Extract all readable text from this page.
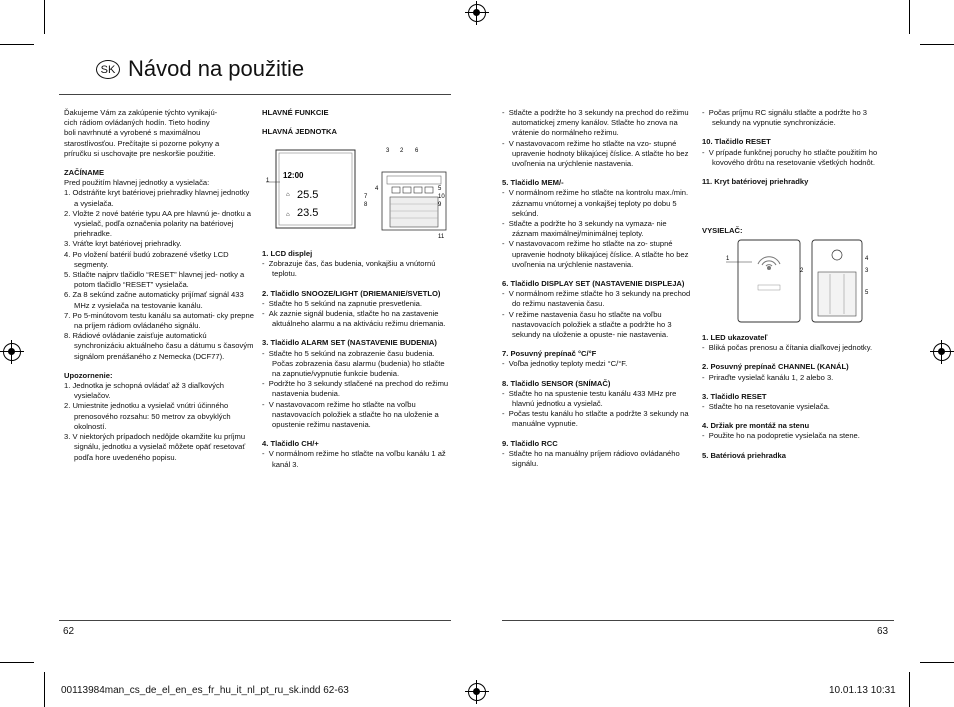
SK Návod na použitie

Ďakujeme Vám za zakúpenie týchto vynikajú-

cich rádiom ovládaných hodín. Tieto hodiny

boli navrhnuté a vyrobené s maximálnou

starostlivosťou. Prečítajte si pozorne pokyny a

príručku si uschovajte pre neskoršie použitie.

ZAČÍNAME

Pred použitím hlavnej jednotky a vysielača:

1. Odstráňte kryt batériovej priehradky hlavnej jednotky a vysielača.

2. Vložte 2 nové batérie typu AA pre hlavnú je- dnotku a vysielač, podľa označenia polarity na batériovej priehradke.

3. Vráťte kryt batériovej priehradky.

4. Po vložení batérií budú zobrazené všetky LCD segmenty.

5. Stlačte najprv tlačidlo “RESET” hlavnej jed- notky a potom tlačidlo “RESET” vysielača.

6. Za 8 sekúnd začne automaticky prijímať signál 433 MHz z vysielača na testovanie kanálu.

7. Po 5-minútovom testu kanálu sa automati- cky prepne na príjem rádiom ovládaného signálu.

8. Rádiové ovládanie zaisťuje automatickú synchronizáciu aktuálneho času a dátumu s časovým signálom prenášaného z Nemecka (DCF77).

Upozornenie:

1. Jednotka je schopná ovládať až 3 diaľkových vysielačov.

2. Umiestnite jednotku a vysielač vnútri účinného prenosového rozsahu: 50 metrov za obvyklých okolností.

3. V niektorých prípadoch nedôjde okamžite ku príjmu signálu, jednotku a vysielač môžete opäť resetovať podľa hore uvedeného popisu.

HLAVNÉ FUNKCIE

HLAVNÁ JEDNOTKA

12:00
25.5
23.5
⌂
⌂
1
3 2 6
4
7
8
5
10
9
11

1. LCD displej

-  Zobrazuje čas, čas budenia, vonkajšiu a vnútornú teplotu.

2. Tlačidlo SNOOZE/LIGHT (DRIEMANIE/SVETLO)

-  Stlačte ho 5 sekúnd na zapnutie presvetlenia.

-  Ak zaznie signál budenia, stlačte ho na zastavenie aktuálneho alarmu a na aktiváciu režimu driemania.

3. Tlačidlo ALARM SET (NASTAVENIE BUDENIA)

-  Stlačte ho 5 sekúnd na zobrazenie času budenia. Počas zobrazenia času alarmu (budenia) ho stlačte na zapnutie/vypnutie funkcie budenia.

-  Podržte ho 3 sekundy stlačené na prechod do režimu nastavenia budenia.

-  V nastavovacom režime ho stlačte na voľbu nastavovacích položiek a stlačte ho na uloženie a opustenie režimu nastavenia.

4. Tlačidlo CH/+

-  V normálnom režime ho stlačte na voľbu kanálu 1 až kanál 3.

-  Stlačte a podržte ho 3 sekundy na prechod do režimu automatickej zmeny kanálov. Stlačte ho znova na vrátenie do normálneho režimu.

-  V nastavovacom režime ho stlačte na vzo- stupné upravenie hodnoty blikajúcej číslice. A stlačte ho bez uvoľnenia na urýchlenie nastavenia.

5. Tlačidlo MEM/-

-  V normálnom režime ho stlačte na kontrolu max./min. záznamu vnútornej a vonkajšej teploty po dobu 5 sekúnd.

-  Stlačte a podržte ho 3 sekundy na vymaza- nie záznam maximálnej/minimálnej teploty.

-  V nastavovacom režime ho stlačte na zo- stupné upravenie hodnoty blikajúcej číslice. A stlačte ho bez uvoľnenia na urýchlenie nastavenia.

6. Tlačidlo DISPLAY SET (NASTAVENIE DISPLEJA)

-  V normálnom režime stlačte ho 3 sekundy na prechod do režimu nastavenia času.

-  V režime nastavenia času ho stlačte na voľbu nastavovacích položiek a stlačte a podržte ho 3 sekundy na uloženie a opuste- nie nastavenia.

7. Posuvný prepínač °C/°F

-  Voľba jednotky teploty medzi °C/°F.

8. Tlačidlo SENSOR (SNÍMAČ)

-  Stlačte ho na spustenie testu kanálu 433 MHz pre hlavnú jednotku a vysielač.

-  Počas testu kanálu ho stlačte a podržte 3 sekundy na manuálne vypnutie.

9. Tlačidlo RCC

-  Stlačte ho na manuálny príjem rádiovo ovládaného signálu.

-  Počas príjmu RC signálu stlačte a podržte ho 3 sekundy na vypnutie synchronizácie.

10. Tlačidlo RESET

-  V prípade funkčnej poruchy ho stlačte použitím ho kovového drôtu na resetovanie všetkých hodnôt.

11. Kryt batériovej priehradky

VYSIELAČ:

1
2	3
4
5

1. LED ukazovateľ

-  Bliká počas prenosu a čítania diaľkovej jednotky.

2. Posuvný prepínač CHANNEL (KANÁL)

-  Priraďte vysielač kanálu 1, 2 alebo 3.

3. Tlačidlo RESET

-  Stlačte ho na resetovanie vysielača.

4. Držiak pre montáž na stenu

-  Použite ho na podopretie vysielača na stene.

5. Batériová priehradka

62	63
00113984man_cs_de_el_en_es_fr_hu_it_nl_pt_ru_sk.indd 62-63	10.01.13 10:31
